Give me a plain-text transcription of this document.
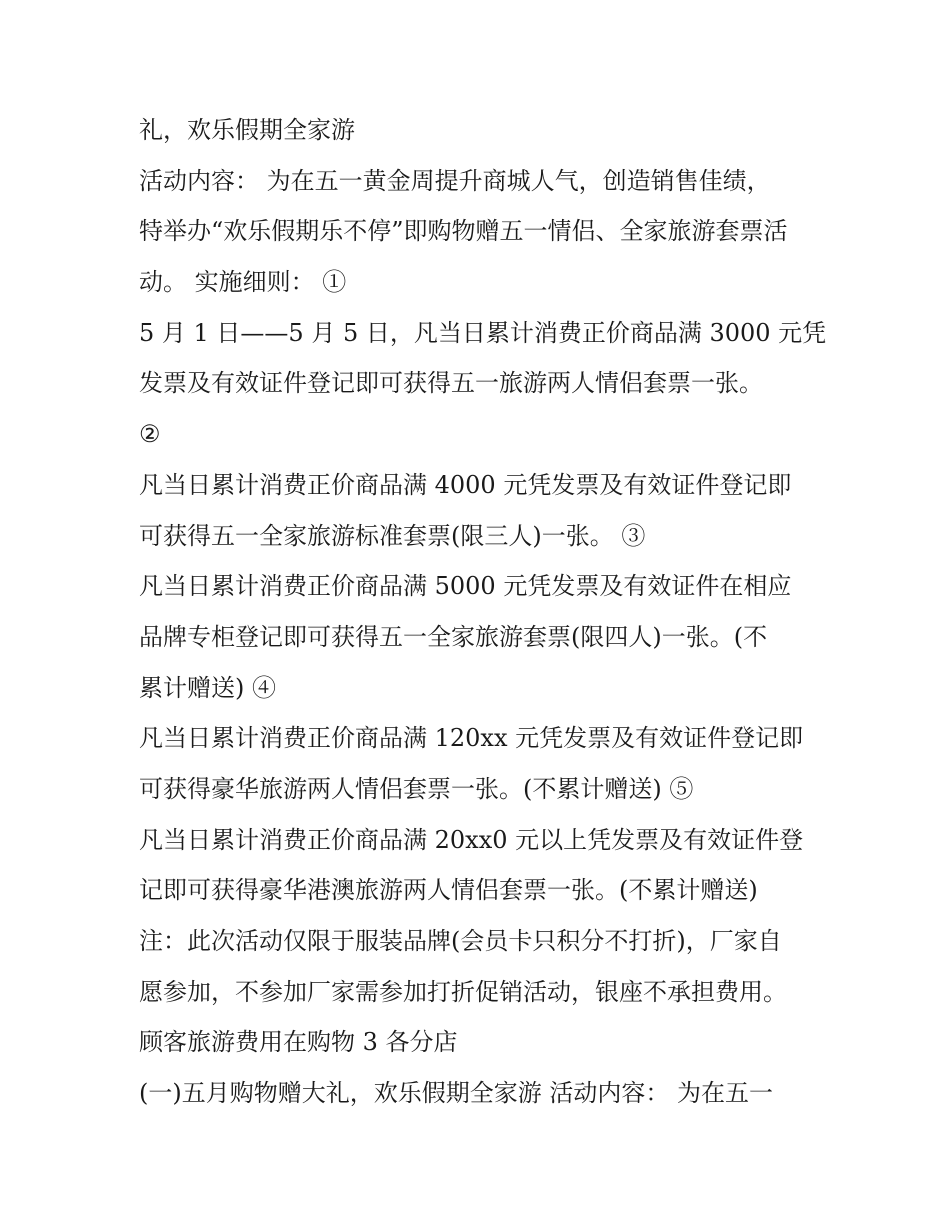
礼，欢乐假期全家游
活动内容： 为在五一黄金周提升商城人气，创造销售佳绩，
特举办“欢乐假期乐不停”即购物赠五一情侣、全家旅游套票活
动。 实施细则： ①
5 月 1 日——5 月 5 日，凡当日累计消费正价商品满 3000 元凭
发票及有效证件登记即可获得五一旅游两人情侣套票一张。
②
凡当日累计消费正价商品满 4000 元凭发票及有效证件登记即
可获得五一全家旅游标准套票(限三人)一张。 ③
凡当日累计消费正价商品满 5000 元凭发票及有效证件在相应
品牌专柜登记即可获得五一全家旅游套票(限四人)一张。(不
累计赠送) ④
凡当日累计消费正价商品满 120xx 元凭发票及有效证件登记即
可获得豪华旅游两人情侣套票一张。(不累计赠送) ⑤
凡当日累计消费正价商品满 20xx0 元以上凭发票及有效证件登
记即可获得豪华港澳旅游两人情侣套票一张。(不累计赠送)
注：此次活动仅限于服装品牌(会员卡只积分不打折)，厂家自
愿参加，不参加厂家需参加打折促销活动，银座不承担费用。
顾客旅游费用在购物 3 各分店
(一)五月购物赠大礼，欢乐假期全家游 活动内容： 为在五一
